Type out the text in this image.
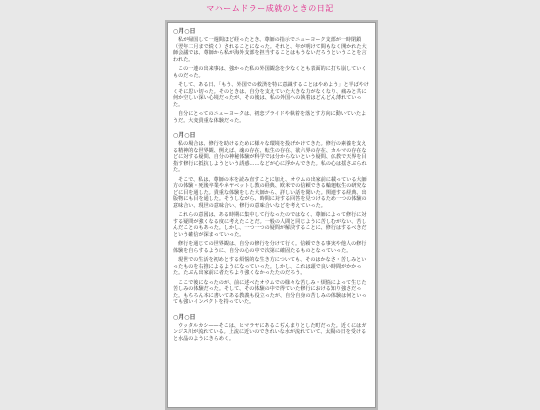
マハームドラー成就のときの日記
○月○日

私が帰国して一週間ほど経ったとき、尊師の指示でニューヨーク支部が一時閉鎖（翌年二月まで続く）されることになった。それと、年が明けて間もなく開かれた大師会議では、尊師から私が海外支部を担当することはもうないだろうということを言われた。

この一連の出来事は、強かった私の外国観念を少なくとも表面的に打ち崩していくものだった。

そして、ある日、「もう、外国での救済を特に意識することはやめよう」と半ばやけくそに思い切った。そのときは、自分を支えていた大きな力がなくなり、痛みと共に何か空しい深い心境だったが、その後は、私の外国への執着はどんどん薄れていった。

自分にとってのニューヨークは、初恋プライドや執着を落とす方向に動いていたようだ。大変貴重な体験だった。

○月○日

私の場合は、修行を助けるために様々な環境を投げかけてきた。修行の素養を支える精神的な世界観、例えば、魂の存在、転生の存在、欲六界の存在、カルマの存在などに対する疑問、自分の神秘体験が科学では分からないという疑問、仏教で天界を目指す修行に抵抗しようという誘惑……などが心に浮かんできた。私の心は揺さぶられた。

そこで、私は、尊師の本を読み直すことに加え、オウムの出家前に載っている大師方の体験・死後卒業やネヤベットし教の経典、欧米での信頼できる輪廻転生の研究などに目を通した。貴重な体験をした大師から、詳しい話を聞いた。関連する経典、出版物にも目を通した。そうしながら、時間に対する回答を見つけるため一つの体験の意味合い、現世の意味合い、修行の意味合いなどを考えていった。

これらの意図は、ある時期に集中して行なったのではなく、尊師によって修行に対する疑問が強くなる度に考えたことだ。一般の人間と同じように苦しむがない、苦しんだことのもあった。しかし、一つ一つの疑問が解決することに、修行はするべきだという確信が深まっていった。

修行を通じての世界観は、自分の修行を分けて行く。信頼できる事実や他人の修行体験を自らするように、自分の心の中で次第に確固たるものとなっていった。

現世での生活を初めとする煩悩的な生き方についても、そのはかなさ・苦しみといったものを右推によるようになっていった。しかし、これは頭で良い時間がかかった。たぶん出家前に者たちより強くなかったたのだろう。

ここで後になったのが、前に述べたオウムでの様々な苦しみ・煩悩によって生じた苦しみの体験だった。そして、その体験の中で得ていた修行における知り強さだった。もちろん本に書いてある教義も役立ったが、自分自身の苦しみの体験は何といっても強いインパクトを持っていた。

○月○日

ウッタルカシ——そこは、ヒマラヤにあるこぢんまりとした町だった。近くにはガンジス川が流れている。上流に近いのできれいな水が流れていて、太陽の日を受けると水晶のようにきらめく。
